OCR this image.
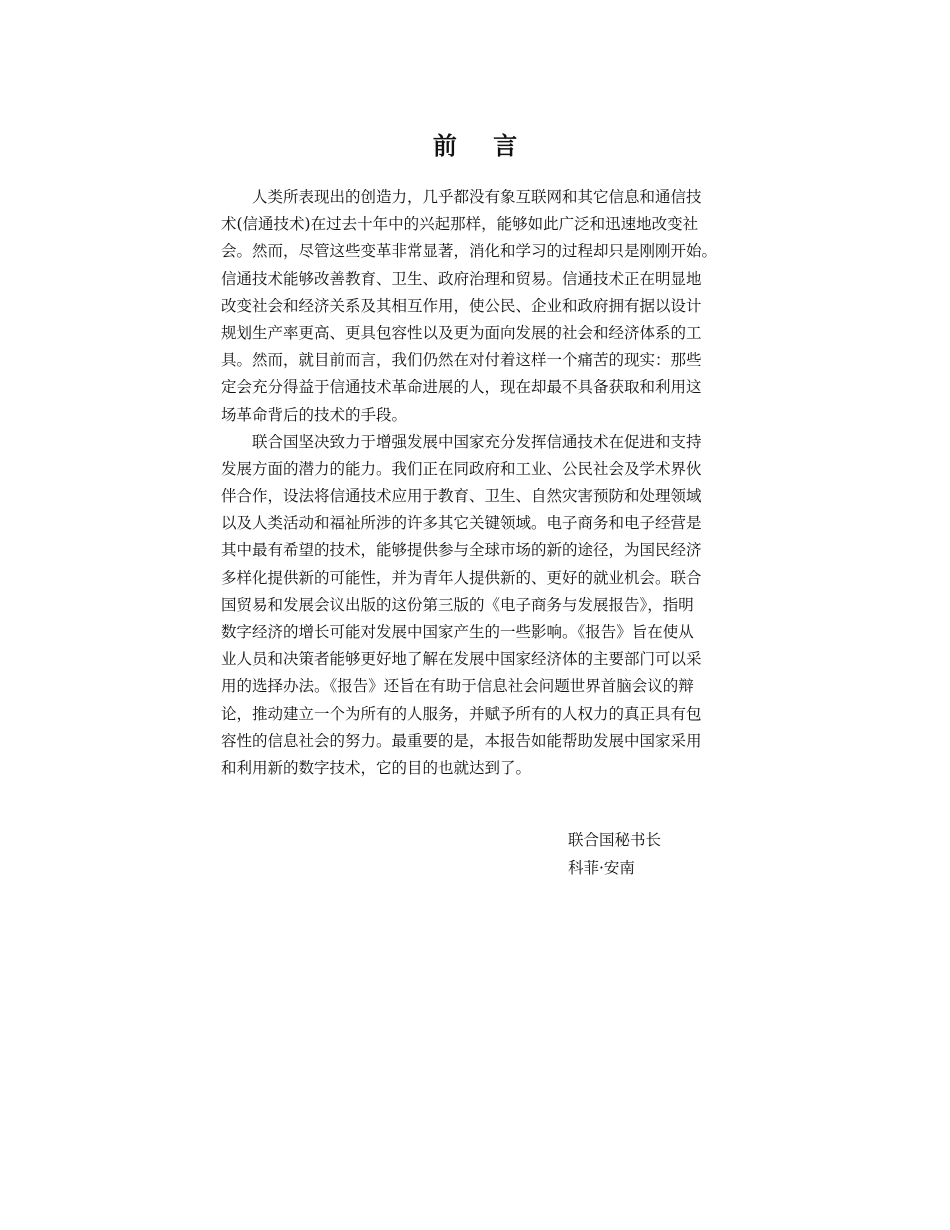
前 言
人类所表现出的创造力，几乎都没有象互联网和其它信息和通信技
术(信通技术)在过去十年中的兴起那样，能够如此广泛和迅速地改变社
会。然而，尽管这些变革非常显著，消化和学习的过程却只是刚刚开始。
信通技术能够改善教育、卫生、政府治理和贸易。信通技术正在明显地
改变社会和经济关系及其相互作用，使公民、企业和政府拥有据以设计
规划生产率更高、更具包容性以及更为面向发展的社会和经济体系的工
具。然而，就目前而言，我们仍然在对付着这样一个痛苦的现实：那些
定会充分得益于信通技术革命进展的人，现在却最不具备获取和利用这
场革命背后的技术的手段。
联合国坚决致力于增强发展中国家充分发挥信通技术在促进和支持
发展方面的潜力的能力。我们正在同政府和工业、公民社会及学术界伙
伴合作，设法将信通技术应用于教育、卫生、自然灾害预防和处理领域
以及人类活动和福祉所涉的许多其它关键领域。电子商务和电子经营是
其中最有希望的技术，能够提供参与全球市场的新的途径，为国民经济
多样化提供新的可能性，并为青年人提供新的、更好的就业机会。联合
国贸易和发展会议出版的这份第三版的《电子商务与发展报告》，指明
数字经济的增长可能对发展中国家产生的一些影响。《报告》旨在使从
业人员和决策者能够更好地了解在发展中国家经济体的主要部门可以采
用的选择办法。《报告》还旨在有助于信息社会问题世界首脑会议的辩
论，推动建立一个为所有的人服务，并赋予所有的人权力的真正具有包
容性的信息社会的努力。最重要的是，本报告如能帮助发展中国家采用
和利用新的数字技术，它的目的也就达到了。
联合国秘书长
科菲·安南
